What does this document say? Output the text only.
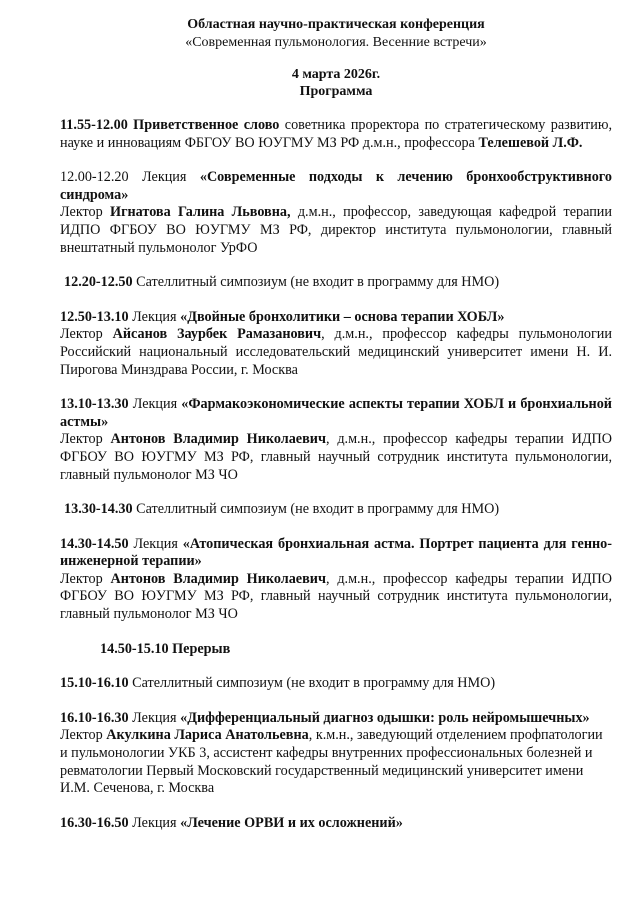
Областная научно-практическая конференция
«Современная пульмонология. Весенние встречи»
4 марта 2026г.
Программа

11.55-12.00 Приветственное слово советника проректора по стратегическому развитию, науке и инновациям ФБГОУ ВО ЮУГМУ МЗ РФ д.м.н., профессора Телешевой Л.Ф.

12.00-12.20 Лекция «Современные подходы к лечению бронхообструктивного синдрома»

Лектор Игнатова Галина Львовна, д.м.н., профессор, заведующая кафедрой терапии ИДПО ФГБОУ ВО ЮУГМУ МЗ РФ, директор института пульмонологии, главный внештатный пульмонолог УрФО

12.20-12.50 Сателлитный симпозиум (не входит в программу для НМО)

12.50-13.10 Лекция «Двойные бронхолитики – основа терапии ХОБЛ»

Лектор Айсанов Заурбек Рамазанович, д.м.н., профессор кафедры пульмонологии Российский национальный исследовательский медицинский университет имени Н. И. Пирогова Минздрава России, г. Москва

13.10-13.30 Лекция «Фармакоэкономические аспекты терапии ХОБЛ и бронхиальной астмы»

Лектор Антонов Владимир Николаевич, д.м.н., профессор кафедры терапии ИДПО ФГБОУ ВО ЮУГМУ МЗ РФ, главный научный сотрудник института пульмонологии, главный пульмонолог МЗ ЧО

13.30-14.30 Сателлитный симпозиум (не входит в программу для НМО)

14.30-14.50 Лекция «Атопическая бронхиальная астма. Портрет пациента для генно- инженерной терапии»

Лектор Антонов Владимир Николаевич, д.м.н., профессор кафедры терапии ИДПО ФГБОУ ВО ЮУГМУ МЗ РФ, главный научный сотрудник института пульмонологии, главный пульмонолог МЗ ЧО

14.50-15.10 Перерыв

15.10-16.10 Сателлитный симпозиум (не входит в программу для НМО)

16.10-16.30 Лекция «Дифференциальный диагноз одышки: роль нейромышечных»

Лектор Акулкина Лариса Анатольевна, к.м.н., заведующий отделением профпатологии и пульмонологии УКБ 3, ассистент кафедры внутренних профессиональных болезней и ревматологии Первый Московский государственный медицинский университет имени И.М. Сеченова, г. Москва

16.30-16.50 Лекция «Лечение ОРВИ и их осложнений»
